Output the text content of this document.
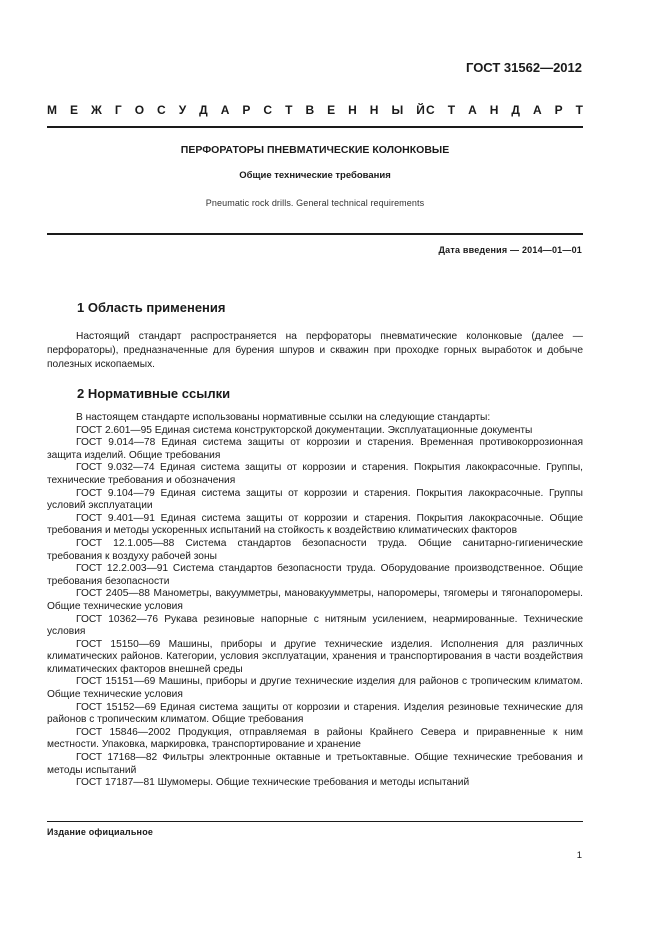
ГОСТ 31562—2012
М Е Ж Г О С У Д А Р С Т В Е Н Н Ы Й С Т А Н Д А Р Т
ПЕРФОРАТОРЫ ПНЕВМАТИЧЕСКИЕ КОЛОНКОВЫЕ
Общие технические требования
Pneumatic rock drills. General technical requirements
Дата введения — 2014—01—01
1 Область применения

Настоящий стандарт распространяется на перфораторы пневматические колонковые (далее — перфораторы), предназначенные для бурения шпуров и скважин при проходке горных выработок и добыче полезных ископаемых.

2 Нормативные ссылки

В настоящем стандарте использованы нормативные ссылки на следующие стандарты:

ГОСТ 2.601—95 Единая система конструкторской документации. Эксплуатационные документы

ГОСТ 9.014—78 Единая система защиты от коррозии и старения. Временная противокоррозионная защита изделий. Общие требования

ГОСТ 9.032—74 Единая система защиты от коррозии и старения. Покрытия лакокрасочные. Группы, технические требования и обозначения

ГОСТ 9.104—79 Единая система защиты от коррозии и старения. Покрытия лакокрасочные. Группы условий эксплуатации

ГОСТ 9.401—91 Единая система защиты от коррозии и старения. Покрытия лакокрасочные. Общие требования и методы ускоренных испытаний на стойкость к воздействию климатических факторов

ГОСТ 12.1.005—88 Система стандартов безопасности труда. Общие санитарно-гигиенические требования к воздуху рабочей зоны

ГОСТ 12.2.003—91 Система стандартов безопасности труда. Оборудование производственное. Общие требования безопасности

ГОСТ 2405—88 Манометры, вакуумметры, мановакуумметры, напоромеры, тягомеры и тягонапоромеры. Общие технические условия

ГОСТ 10362—76 Рукава резиновые напорные с нитяным усилением, неармированные. Технические условия

ГОСТ 15150—69 Машины, приборы и другие технические изделия. Исполнения для различных климатических районов. Категории, условия эксплуатации, хранения и транспортирования в части воздействия климатических факторов внешней среды

ГОСТ 15151—69 Машины, приборы и другие технические изделия для районов с тропическим климатом. Общие технические условия

ГОСТ 15152—69 Единая система защиты от коррозии и старения. Изделия резиновые технические для районов с тропическим климатом. Общие требования

ГОСТ 15846—2002 Продукция, отправляемая в районы Крайнего Севера и приравненные к ним местности. Упаковка, маркировка, транспортирование и хранение

ГОСТ 17168—82 Фильтры электронные октавные и третьоктавные. Общие технические требования и методы испытаний

ГОСТ 17187—81 Шумомеры. Общие технические требования и методы испытаний

Издание официальное
1
